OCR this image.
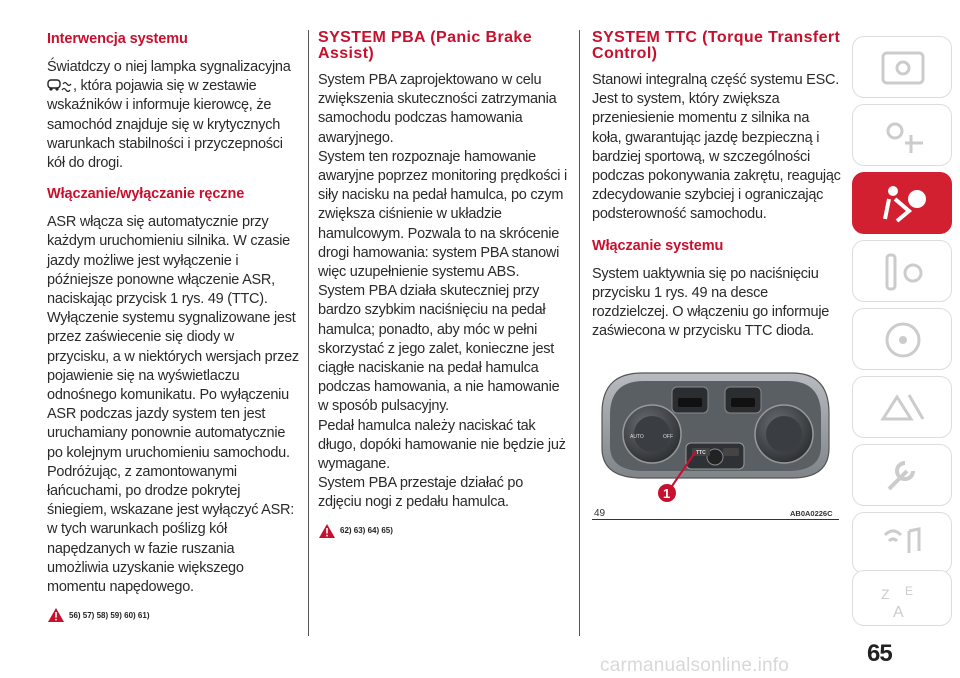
Interwencja systemu

Światdczy o niej lampka sygnalizacyjna
, która pojawia się w zestawie wskaźników i informuje kierowcę, że samochód znajduje się w krytycznych warunkach stabilności i przyczepności kół do drogi.

Włączanie/wyłączanie ręczne
ASR włącza się automatycznie przy każdym uruchomieniu silnika. W czasie jazdy możliwe jest wyłączenie i późniejsze ponowne włączenie ASR, naciskając przycisk 1 rys. 49 (TTC). Wyłączenie systemu sygnalizowane jest przez zaświecenie się diody w przycisku, a w niektórych wersjach przez pojawienie się na wyświetlaczu odnośnego komunikatu. Po wyłączeniu ASR podczas jazdy system ten jest uruchamiany ponownie automatycznie po kolejnym uruchomieniu samochodu. Podróżując, z zamontowanymi łańcuchami, po drodze pokrytej śniegiem, wskazane jest wyłączyć ASR: w tych warunkach poślizg kół napędzanych w fazie ruszania umożliwia uzyskanie większego momentu napędowego.
56) 57) 58) 59) 60) 61)
SYSTEM PBA (Panic Brake Assist)
System PBA zaprojektowano w celu zwiększenia skuteczności zatrzymania samochodu podczas hamowania awaryjnego.
System ten rozpoznaje hamowanie awaryjne poprzez monitoring prędkości i siły nacisku na pedał hamulca, po czym zwiększa ciśnienie w układzie hamulcowym. Pozwala to na skrócenie drogi hamowania: system PBA stanowi więc uzupełnienie systemu ABS.
System PBA działa skuteczniej przy bardzo szybkim naciśnięciu na pedał hamulca; ponadto, aby móc w pełni skorzystać z jego zalet, konieczne jest ciągłe naciskanie na pedał hamulca podczas hamowania, a nie hamowanie w sposób pulsacyjny.
Pedał hamulca należy naciskać tak długo, dopóki hamowanie nie będzie już wymagane.
System PBA przestaje działać po zdjęciu nogi z pedału hamulca.
62) 63) 64) 65)
SYSTEM TTC (Torque Transfert Control)
Stanowi integralną część systemu ESC. Jest to system, który zwiększa przeniesienie momentu z silnika na koła, gwarantując jazdę bezpieczną i bardziej sportową, w szczególności podczas pokonywania zakrętu, reagując zdecydowanie szybciej i ograniczając podsterowność samochodu.
Włączanie systemu
System uaktywnia się po naciśnięciu przycisku 1 rys. 49 na desce rozdzielczej. O włączeniu go informuje zaświecona w przycisku TTC dioda.
AUTO	OFF
TTC
1
49	AB0A0226C
Z E
A
65
carmanualsonline.info
